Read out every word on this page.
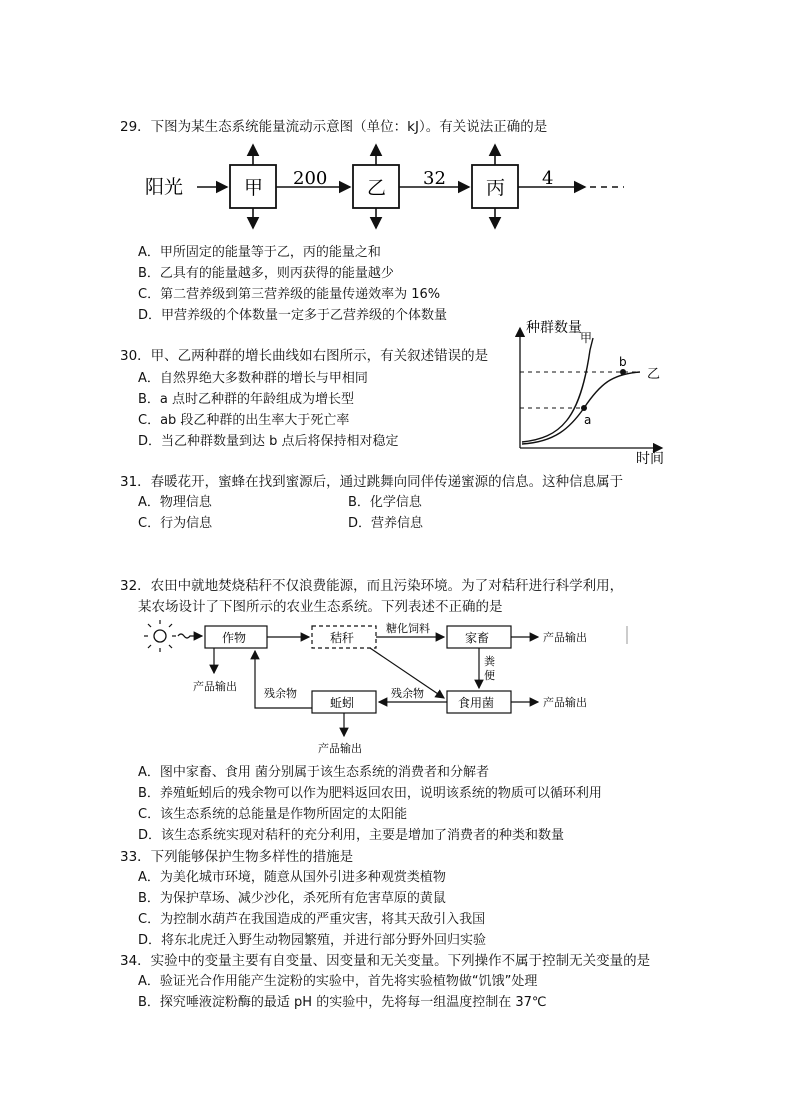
29．下图为某生态系统能量流动示意图（单位：kJ）。有关说法正确的是
阳光	甲 200 乙 32 丙 4
A．甲所固定的能量等于乙，丙的能量之和
B．乙具有的能量越多，则丙获得的能量越少
C．第二营养级到第三营养级的能量传递效率为 16%
D．甲营养级的个体数量一定多于乙营养级的个体数量
30．甲、乙两种群的增长曲线如右图所示，有关叙述错误的是
A．自然界绝大多数种群的增长与甲相同
B．a 点时乙种群的年龄组成为增长型
C．ab 段乙种群的出生率大于死亡率
D．当乙种群数量到达 b 点后将保持相对稳定
种群数量
时间
甲
a
b
乙
31．春暖花开，蜜蜂在找到蜜源后，通过跳舞向同伴传递蜜源的信息。这种信息属于
A．物理信息	B．化学信息
C．行为信息	D．营养信息
32．农田中就地焚烧秸秆不仅浪费能源，而且污染环境。为了对秸秆进行科学利用，
某农场设计了下图所示的农业生态系统。下列表述不正确的是
作物	秸秆	家畜
蚯蚓	食用菌
糖化饲料
产品输出
粪
便
残余物
产品输出
残余物
产品输出
产品输出
A．图中家畜、食用 菌分别属于该生态系统的消费者和分解者
B．养殖蚯蚓后的残余物可以作为肥料返回农田，说明该系统的物质可以循环利用
C．该生态系统的总能量是作物所固定的太阳能
D．该生态系统实现对秸秆的充分利用，主要是增加了消费者的种类和数量
33．下列能够保护生物多样性的措施是
A．为美化城市环境，随意从国外引进多种观赏类植物
B．为保护草场、减少沙化，杀死所有危害草原的黄鼠
C．为控制水葫芦在我国造成的严重灾害，将其天敌引入我国
D．将东北虎迁入野生动物园繁殖，并进行部分野外回归实验
34．实验中的变量主要有自变量、因变量和无关变量。下列操作不属于控制无关变量的是
A．验证光合作用能产生淀粉的实验中，首先将实验植物做“饥饿”处理
B．探究唾液淀粉酶的最适 pH 的实验中，先将每一组温度控制在 37℃
